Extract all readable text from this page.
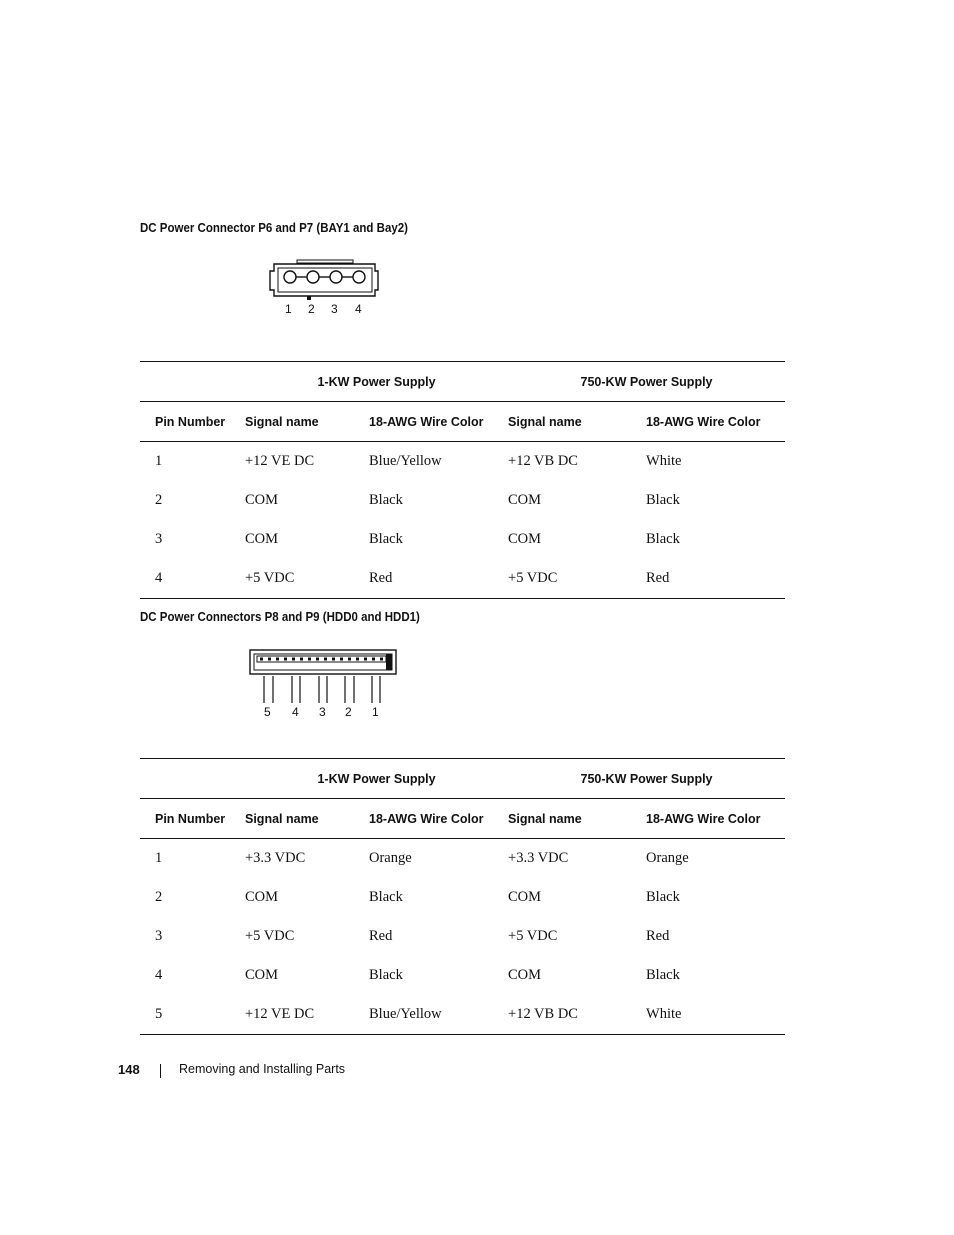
DC Power Connector P6 and P7 (BAY1 and Bay2)
1 2 3 4
	1-KW Power Supply		750-KW Power Supply	
Pin Number	Signal name	18-AWG Wire Color	Signal name	18-AWG Wire Color
1	+12 VE DC	Blue/Yellow	+12 VB DC	White
2	COM	Black	COM	Black
3	COM	Black	COM	Black
4	+5 VDC	Red	+5 VDC	Red
DC Power Connectors P8 and P9 (HDD0 and HDD1)
5 4 3 2 1
	1-KW Power Supply		750-KW Power Supply	
Pin Number	Signal name	18-AWG Wire Color	Signal name	18-AWG Wire Color
1	+3.3 VDC	Orange	+3.3 VDC	Orange
2	COM	Black	COM	Black
3	+5 VDC	Red	+5 VDC	Red
4	COM	Black	COM	Black
5	+12 VE DC	Blue/Yellow	+12 VB DC	White
148	Removing and Installing Parts
